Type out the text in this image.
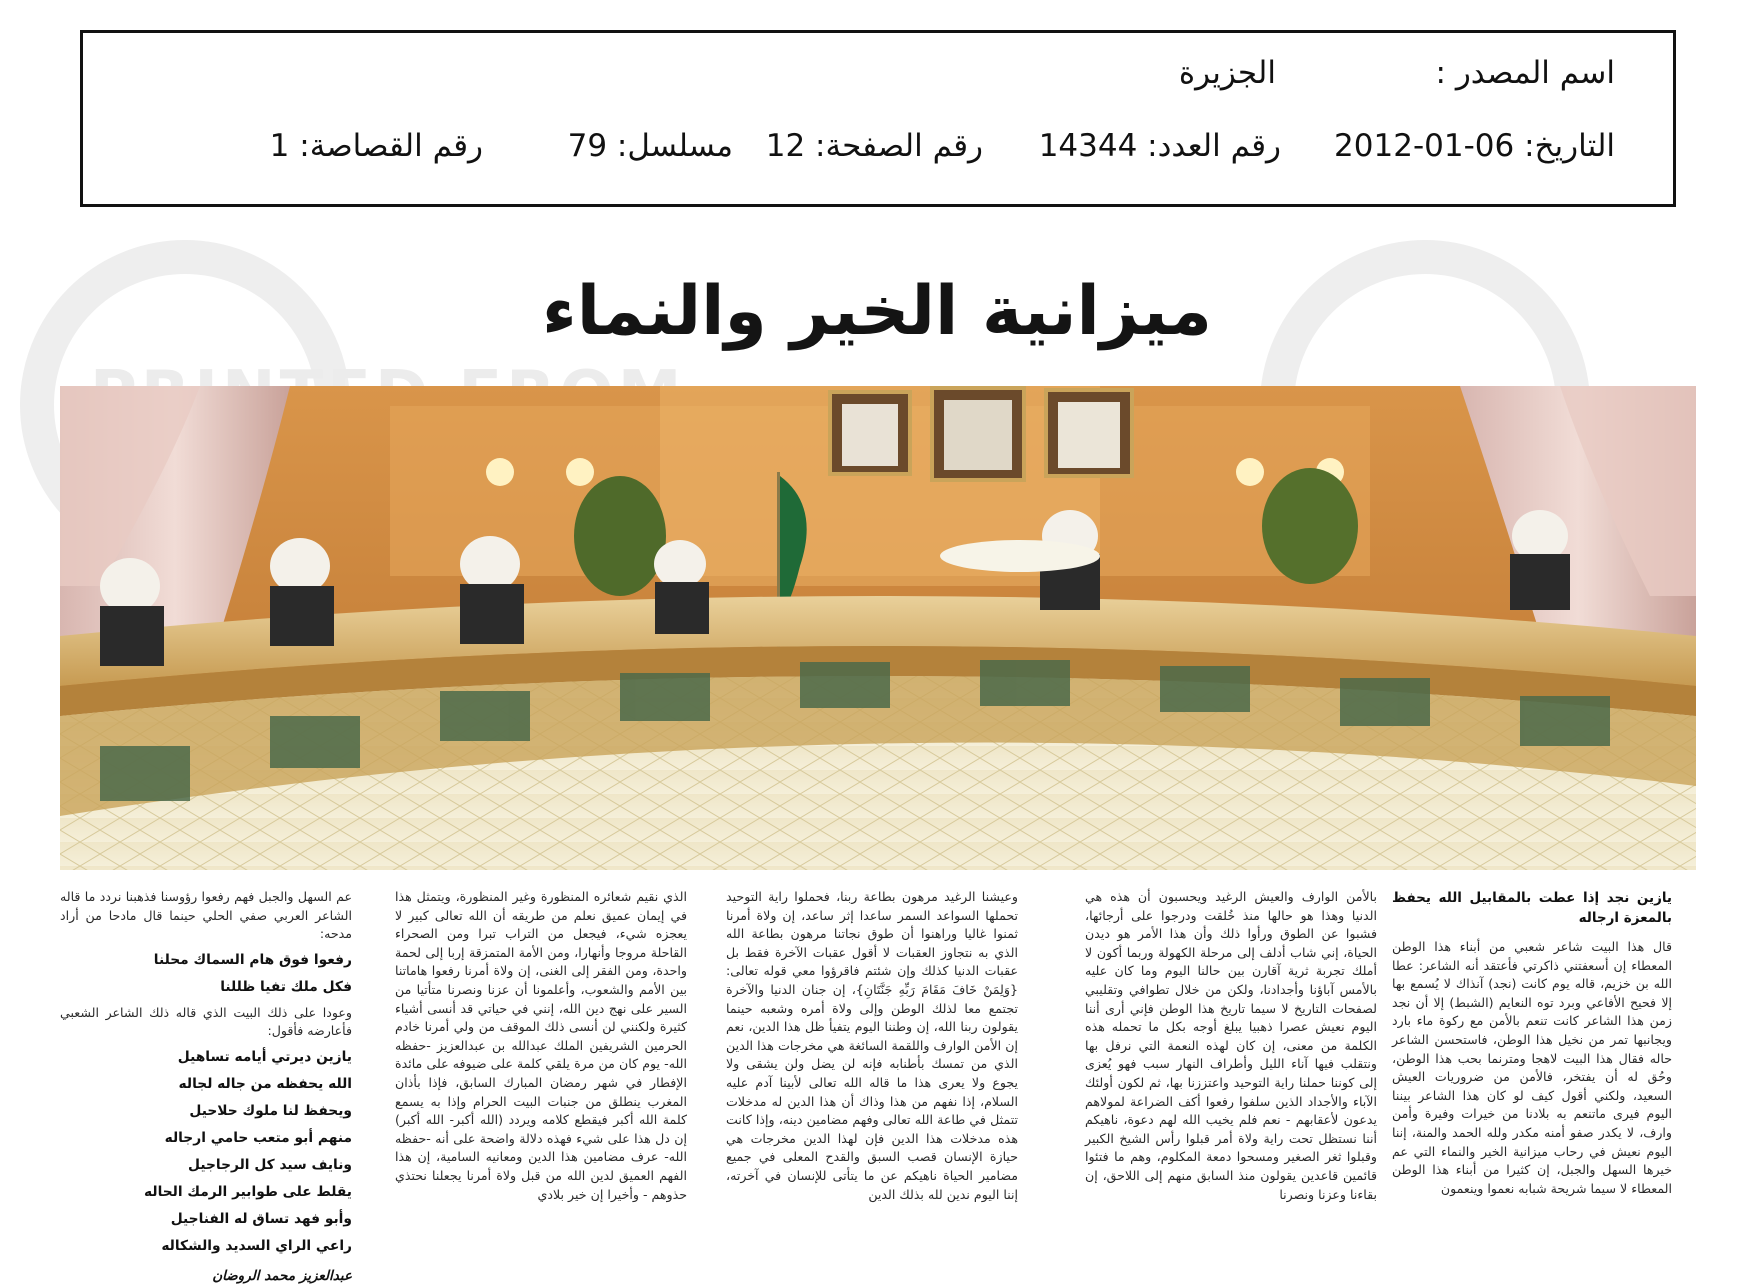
اسم المصدر :
الجزيرة
التاريخ: 06-01-2012
رقم العدد: 14344
رقم الصفحة: 12
مسلسل: 79
رقم القصاصة: 1
ميزانية الخير والنماء

يازين نجد إذا عطت بالمقابيل الله يحفظ بالمعزة ارجاله

قال هذا البيت شاعر شعبي من أبناء هذا الوطن المعطاء إن أسعفتني ذاكرتي فأعتقد أنه الشاعر: عطا الله بن خزيم، قاله يوم كانت (نجد) آنذاك لا يُسمع بها إلا فحيح الأفاعي وبرد توه النعايم (الشبط) إلا أن نجد زمن هذا الشاعر كانت تنعم بالأمن مع ركوة ماء بارد ويجانبها تمر من نخيل هذا الوطن، فاستحسن الشاعر حاله فقال هذا البيت لاهجا ومترنما بحب هذا الوطن، وحُق له أن يفتخر، فالأمن من ضروريات العيش السعيد، ولكني أقول كيف لو كان هذا الشاعر بيننا اليوم فيرى ماتنعم به بلادنا من خيرات وفيرة وأمن وارف، لا يكدر صفو أمنه مكدر ولله الحمد والمنة، إننا اليوم نعيش في رحاب ميزانية الخير والنماء التي عم خيرها السهل والجبل، إن كثيرا من أبناء هذا الوطن المعطاء لا سيما شريحة شبابه نعموا وينعمون

بالأمن الوارف والعيش الرغيد ويحسبون أن هذه هي الدنيا وهذا هو حالها منذ خُلقت ودرجوا على أرجائها، فشبوا عن الطوق ورأوا ذلك وأن هذا الأمر هو ديدن الحياة، إني شاب أدلف إلى مرحلة الكهولة وربما أكون لا أملك تجربة ثرية آقارن بين حالنا اليوم وما كان عليه بالأمس آباؤنا وأجدادنا، ولكن من خلال تطوافي وتقليبي لصفحات التاريخ لا سيما تاريخ هذا الوطن فإني أرى أننا اليوم نعيش عصرا ذهبيا يبلغ أوجه بكل ما تحمله هذه الكلمة من معنى، إن كان لهذه النعمة التي نرفل بها ونتقلب فيها آناء الليل وأطراف النهار سبب فهو يُعزى إلى كوننا حملنا راية التوحيد واعتززنا بها، ثم لكون أولئك الآباء والأجداد الذين سلفوا رفعوا أكف الضراعة لمولاهم يدعون لأعقابهم - نعم فلم يخيب الله لهم دعوة، ناهيكم أننا نستظل تحت راية ولاة أمر قبلوا رأس الشيخ الكبير وقبلوا ثغر الصغير ومسحوا دمعة المكلوم، وهم ما فتئوا قائمين قاعدين يقولون منذ السابق منهم إلى اللاحق، إن بقاءنا وعزنا ونصرنا

وعيشنا الرغيد مرهون بطاعة ربنا، فحملوا راية التوحيد تحملها السواعد السمر ساعدا إثر ساعد، إن ولاة أمرنا ثمنوا غاليا وراهنوا أن طوق نجاتنا مرهون بطاعة الله الذي به نتجاوز العقبات لا أقول عقبات الآخرة فقط بل عقبات الدنيا كذلك وإن شئتم فاقرؤوا معي قوله تعالى: {وَلِمَنْ خَافَ مَقَامَ رَبِّهِ جَنَّتَانِ}، إن جنان الدنيا والآخرة تجتمع معا لذلك الوطن وإلى ولاة أمره وشعبه حينما يقولون ربنا الله، إن وطننا اليوم يتفيأ ظل هذا الدين، نعم إن الأمن الوارف واللقمة السائغة هي مخرجات هذا الدين الذي من تمسك بأطنابه فإنه لن يضل ولن يشقى ولا يجوع ولا يعرى هذا ما قاله الله تعالى لأبينا آدم عليه السلام، إذا نفهم من هذا وذاك أن هذا الدين له مدخلات تتمثل في طاعة الله تعالى وفهم مضامين دينه، وإذا كانت هذه مدخلات هذا الدين فإن لهذا الدين مخرجات هي حيازة الإنسان قصب السبق والقدح المعلى في جميع مضامير الحياة ناهيكم عن ما يتأتى للإنسان في آخرته، إننا اليوم ندين لله بذلك الدين

الذي نقيم شعائره المنظورة وغير المنظورة، ويتمثل هذا في إيمان عميق نعلم من طريقه أن الله تعالى كبير لا يعجزه شيء، فيجعل من التراب تبرا ومن الصحراء القاحلة مروجا وأنهارا، ومن الأمة المتمزقة إربا إلى لحمة واحدة، ومن الفقر إلى الغنى، إن ولاة أمرنا رفعوا هاماتنا بين الأمم والشعوب، وأعلمونا أن عزنا ونصرنا متأتيا من السير على نهج دين الله، إنني في حياتي قد أنسى أشياء كثيرة ولكنني لن أنسى ذلك الموقف من ولي أمرنا خادم الحرمين الشريفين الملك عبدالله بن عبدالعزيز -حفظه الله- يوم كان من مرة يلقي كلمة على ضيوفه على مائدة الإفطار في شهر رمضان المبارك السابق، فإذا بأذان المغرب ينطلق من جنبات البيت الحرام وإذا به يسمع كلمة الله أكبر فيقطع كلامه ويردد (الله أكبر- الله أكبر) إن دل هذا على شيء فهذه دلالة واضحة على أنه -حفظه الله- عرف مضامين هذا الدين ومعانيه السامية، إن هذا الفهم العميق لدين الله من قبل ولاة أمرنا يجعلنا نحتذي حذوهم - وأخيرا إن خير بلادي

عم السهل والجبل فهم رفعوا رؤوسنا فذهبنا نردد ما قاله الشاعر العربي صفي الحلي حينما قال مادحا من أراد مدحه:

رفعوا فوق هام السماك محلنا

فكل ملك تفيا ظللنا

وعودا على ذلك البيت الذي قاله ذلك الشاعر الشعبي فأعارضه فأقول:

يازين ديرتي أيامه تساهيل

الله يحفظه من جاله لجاله

ويحفظ لنا ملوك حلاحيل

منهم أبو متعب حامي ارجاله

ونايف سيد كل الرجاجيل

يقلط على طوابير الرمك الحاله

وأبو فهد تساق له الفناجيل

راعي الراي السديد والشكاله

عبدالعزيز محمد الروضان
